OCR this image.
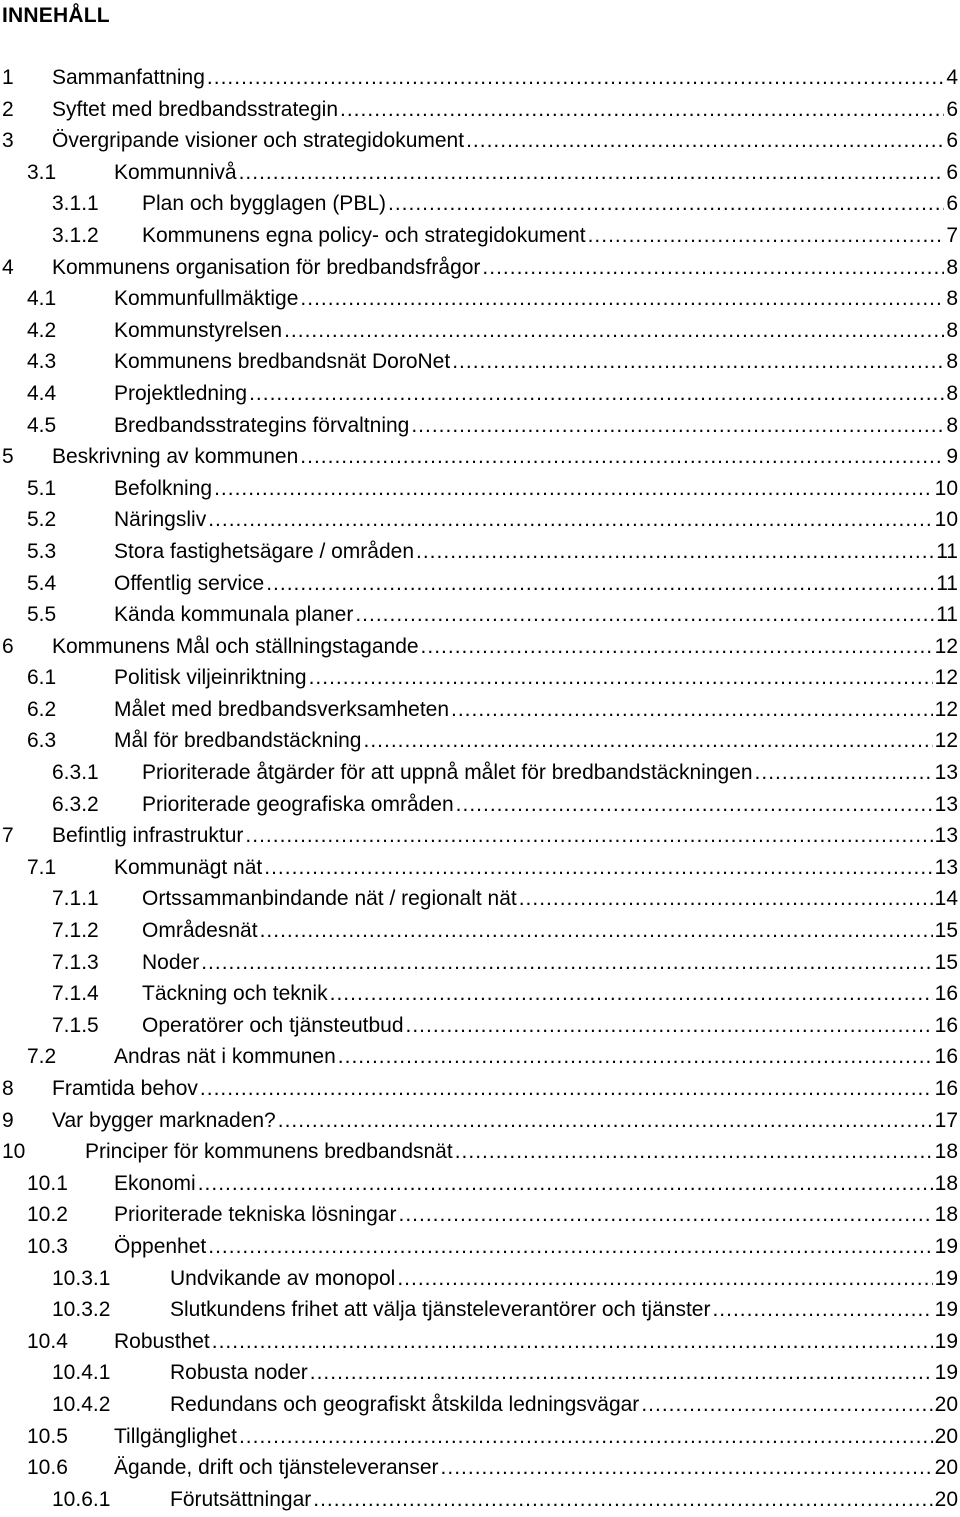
INNEHÅLL
1	Sammanfattning .....	4
2	Syftet med bredbandsstrategin .....	6
3	Övergripande visioner och strategidokument .....	6
3.1	Kommunnivå .....	6
3.1.1	Plan och bygglagen (PBL) .....	6
3.1.2	Kommunens egna policy- och strategidokument .....	7
4	Kommunens organisation för bredbandsfrågor .....	8
4.1	Kommunfullmäktige .....	8
4.2	Kommunstyrelsen .....	8
4.3	Kommunens bredbandsnät DoroNet .....	8
4.4	Projektledning .....	8
4.5	Bredbandsstrategins förvaltning .....	8
5	Beskrivning av kommunen .....	9
5.1	Befolkning .....	10
5.2	Näringsliv .....	10
5.3	Stora fastighetsägare / områden .....	11
5.4	Offentlig service .....	11
5.5	Kända kommunala planer .....	11
6	Kommunens Mål och ställningstagande .....	12
6.1	Politisk viljeinriktning .....	12
6.2	Målet med bredbandsverksamheten .....	12
6.3	Mål för bredbandstäckning .....	12
6.3.1	Prioriterade åtgärder för att uppnå målet för bredbandstäckningen .....	13
6.3.2	Prioriterade geografiska områden .....	13
7	Befintlig infrastruktur .....	13
7.1	Kommunägt nät .....	13
7.1.1	Ortssammanbindande nät / regionalt nät .....	14
7.1.2	Områdesnät .....	15
7.1.3	Noder .....	15
7.1.4	Täckning och teknik .....	16
7.1.5	Operatörer och tjänsteutbud .....	16
7.2	Andras nät i kommunen .....	16
8	Framtida behov .....	16
9	Var bygger marknaden? .....	17
10	Principer för kommunens bredbandsnät .....	18
10.1	Ekonomi .....	18
10.2	Prioriterade tekniska lösningar .....	18
10.3	Öppenhet .....	19
10.3.1	Undvikande av monopol .....	19
10.3.2	Slutkundens frihet att välja tjänsteleverantörer och tjänster .....	19
10.4	Robusthet .....	19
10.4.1	Robusta noder .....	19
10.4.2	Redundans och geografiskt åtskilda ledningsvägar .....	20
10.5	Tillgänglighet .....	20
10.6	Ägande, drift och tjänsteleveranser .....	20
10.6.1	Förutsättningar .....	20
